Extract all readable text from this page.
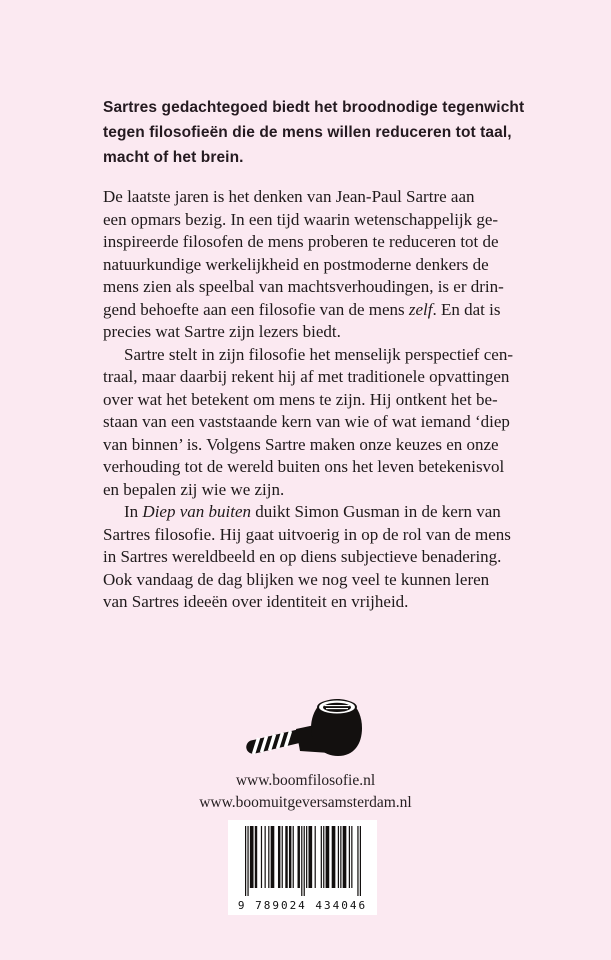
Sartres gedachtegoed biedt het broodnodige tegenwicht
tegen filosofieën die de mens willen reduceren tot taal,
macht of het brein.
De laatste jaren is het denken van Jean-Paul Sartre aan
een opmars bezig. In een tijd waarin wetenschappelijk ge-
inspireerde filosofen de mens proberen te reduceren tot de
natuurkundige werkelijkheid en postmoderne denkers de
mens zien als speelbal van machtsverhoudingen, is er drin-
gend behoefte aan een filosofie van de mens zelf. En dat is
precies wat Sartre zijn lezers biedt.
Sartre stelt in zijn filosofie het menselijk perspectief cen-
traal, maar daarbij rekent hij af met traditionele opvattingen
over wat het betekent om mens te zijn. Hij ontkent het be-
staan van een vaststaande kern van wie of wat iemand ‘diep
van binnen’ is. Volgens Sartre maken onze keuzes en onze
verhouding tot de wereld buiten ons het leven betekenisvol
en bepalen zij wie we zijn.
In Diep van buiten duikt Simon Gusman in de kern van
Sartres filosofie. Hij gaat uitvoerig in op de rol van de mens
in Sartres wereldbeeld en op diens subjectieve benadering.
Ook vandaag de dag blijken we nog veel te kunnen leren
van Sartres ideeën over identiteit en vrijheid.
www.boomfilosofie.nl
www.boomuitgeversamsterdam.nl
9 789024 434046
